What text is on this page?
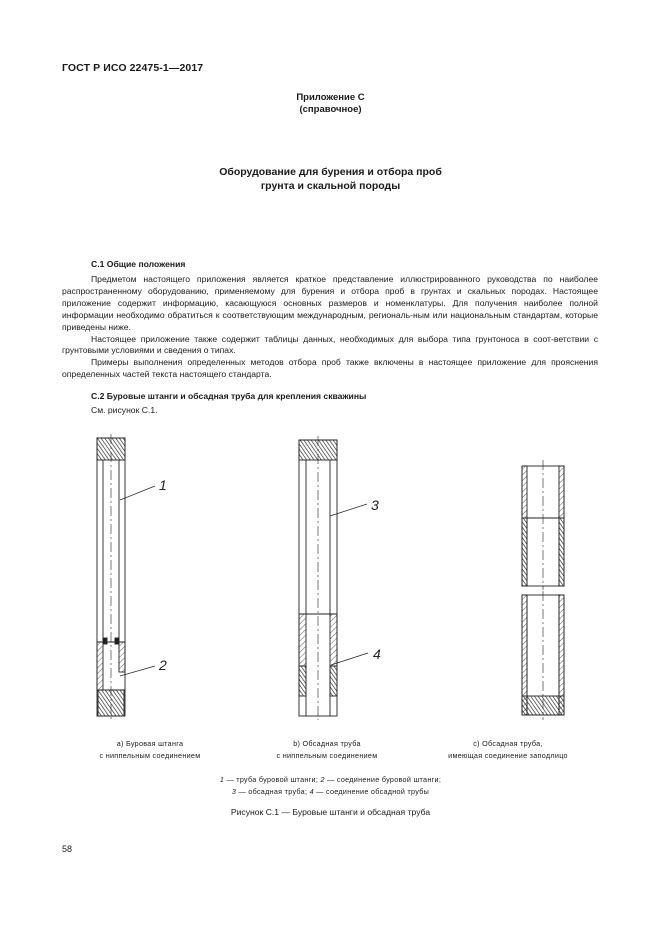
ГОСТ Р ИСО 22475-1—2017
Приложение С
(справочное)
Оборудование для бурения и отбора проб
грунта и скальной породы
С.1 Общие положения

Предметом настоящего приложения является краткое представление иллюстрированного руководства по наиболее распространенному оборудованию, применяемому для бурения и отбора проб в грунтах и скальных породах. Настоящее приложение содержит информацию, касающуюся основных размеров и номенклатуры. Для получения наиболее полной информации необходимо обратиться к соответствующим международным, региональ-ным или национальным стандартам, которые приведены ниже.

Настоящее приложение также содержит таблицы данных, необходимых для выбора типа грунтоноса в соот-ветствии с грунтовыми условиями и сведения о типах.

Примеры выполнения определенных методов отбора проб также включены в настоящее приложение для прояснения определенных частей текста настоящего стандарта.

С.2 Буровые штанги и обсадная труба для крепления скважины

См. рисунок С.1.

1
2
3
4
a) Буровая штанга
с ниппельным соединением
b) Обсадная труба
с ниппельным соединением
c) Обсадная труба,
имеющая соединение заподлицо
1 — труба буровой штанги; 2 — соединение буровой штанги;
3 — обсадная труба; 4 — соединение обсадной трубы
Рисунок С.1 — Буровые штанги и обсадная труба
58
